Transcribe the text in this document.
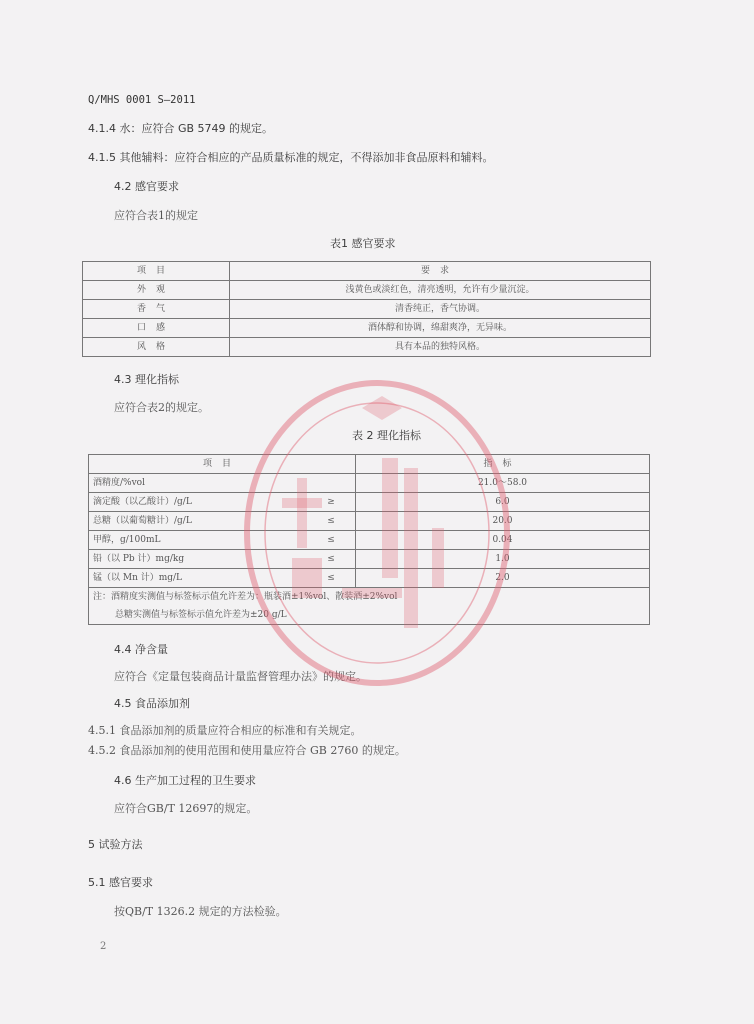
Q/MHS 0001 S—2011
4.1.4 水：应符合 GB 5749 的规定。
4.1.5 其他辅料：应符合相应的产品质量标准的规定，不得添加非食品原料和辅料。
4.2 感官要求
应符合表1的规定
表1 感官要求
项目	要求
外观	浅黄色或淡红色，清亮透明，允许有少量沉淀。
香气	清香纯正，香气协调。
口感	酒体醇和协调，绵甜爽净，无异味。
风格	具有本品的独特风格。
4.3 理化指标
应符合表2的规定。
表 2 理化指标
项目		指标
酒精度/%vol		21.0～58.0
滴定酸（以乙酸计）/g/L	≥	6.0
总糖（以葡萄糖计）/g/L	≤	20.0
甲醇，g/100mL	≤	0.04
铅（以 Pb 计）mg/kg	≤	1.0
锰（以 Mn 计）mg/L	≤	2.0

注：酒精度实测值与标签标示值允许差为：瓶装酒±1%vol、散装酒±2%vol
总糖实测值与标签标示值允许差为±20 g/L		
4.4 净含量
应符合《定量包装商品计量监督管理办法》的规定。
4.5 食品添加剂
4.5.1 食品添加剂的质量应符合相应的标准和有关规定。
4.5.2 食品添加剂的使用范围和使用量应符合 GB 2760 的规定。
4.6 生产加工过程的卫生要求
应符合GB/T 12697的规定。
5 试验方法
5.1 感官要求
按QB/T 1326.2 规定的方法检验。
2
